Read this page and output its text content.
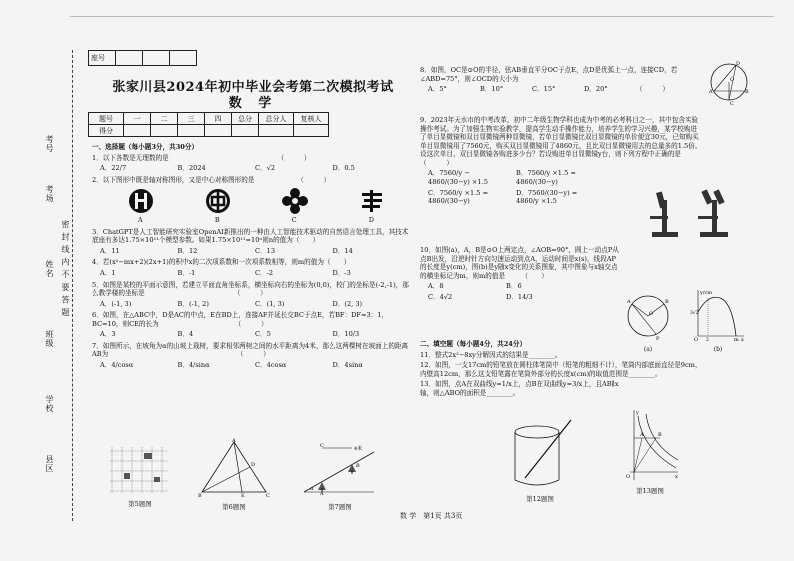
考号
考场
姓名 密 封 线 内 不 要 答 题
班级
学校
县区
座号			
张家川县2024年初中毕业会考第二次模拟考试
数 学
题号	一	二	三	四	总分	总分人	复核人
得分							
一、选择题（每小题3分，共30分）
1．以下各数是无理数的是　　　　　　　　　　　　　　　　　（　　　）
A．22/7	B．2024	C．√2	D．0.5
2．以下图形中既是轴对称图形，又是中心对称图形的是　　　　　　　（　　　）
A	B	C	D
3．ChatGPT是人工智能研究实验室OpenAI新推出的一种由人工智能技术驱动的自然语言处理工具，其技术底座有多达1.75×10¹¹个模型参数。如果1.75×10¹¹=10ⁿ则n的值为（　　）
A．11	B．12	C．13	D．14
4．若(x²−mx+2)(2x+1)的积中x的二次项系数和一次项系数相等，则m的值为（　　）
A．1	B．-1	C．-2	D．-3
5．如图是某校的平面示意图，若建立平面直角坐标系，横坐标向右的坐标为(0,0)，校门的坐标是(-2,-1)，那么教学楼的坐标是　　　　　　　　　　　　　　（　　　）
A．(-1, 3)	B．(-1, 2)	C．(1, 3)	D．(2, 3)
6．如图，在△ABC中，D是AC的中点，E在BD上，连接AF并延长交BC于点E，若BF：DF=3：1，BC=10，则CE的长为　　　　　　　　　　　　（　　　）
A．3	B．4	C．5	D．10/3
7．如图所示，在坡角为α的山坡上栽树，要求相邻两树之间的水平距离为4米，那么这两棵树在坡面上的距离AB为　　　　　　　　　　　　　　　　　　　　（　　　）
A．4/cosα	B．4/sinα	C．4cosα	D．4sinα
第5题图
A
B	C
D
E
第6题图
C	4米
A
B
α
第7题图
8．如图，OC是⊙O的半径，弦AB垂直平分OC于点E，点D是优弧上一点，连接CD，若∠ABD=75°，则∠OCD的大小为
A．5°	B．10°	C．15°	D．20°	（　　　）
D
O
A	B
C
9．2023年天水市的中考改革，初中二年级生物学科也成为中考的必考科目之一，其中包含实验操作考试。为了加强生物实验教学，提高学生动手操作能力，培养学生的学习兴趣，某学校购进了单目显微镜和双目显微镜两种显微镜，若单目显微镜比双目显微镜的单价便宜30元，已知购买单目显微镜用了7560元，购买双目显微镜用了4860元，且比双目显微镜用去的总量多的1.5倍。设这次单目、双目显微镜各购进多少台？若设购进单目显微镜y台，则下列方程中正确的是　　　　　　　　　　　　　　（　　　）
A．7560/y − 4860/(30−y) ×1.5
B．7560/y ×1.5 = 4860/(30−y)
C．7560/y ×1.5 = 4860/(30−y)
D．7560/(30−y) = 4860/y ×1.5
10．如图(a)，A，B是⊙O上两定点，∠AOB=90°，圆上一动点P从点B出发，沿逆时针方向匀速运动到点A，运动时间是x(s)，线段AP的长度是y(cm)，图(b)是y随x变化的关系图象，其中图象与x轴交点的横坐标记为m，则m的值是　　　（　　）
A．8	B．6
C．4√2	D．14/3
A	B
O
P
(a)
y/cm
3√2
m x
O 2
(b)
二、填空题（每小题4分，共24分）
11．整式2x²−8xy分解因式的结果是________。
12．如图，一支17cm的铅笔放在圆柱体笔筒中（铅笔的粗细不计），笔筒内部底面直径是9cm，内壁高12cm，那么这支铅笔露在笔筒外部分的长度x(cm)的取值范围是________。
13．如图，点A在双曲线y=1/x上，点B在双曲线y=3/x上，且AB∥x轴，则△ABO的面积是________。
第12题图
y
A	B
O	x
第13题图
数 学　第1页 共3页
